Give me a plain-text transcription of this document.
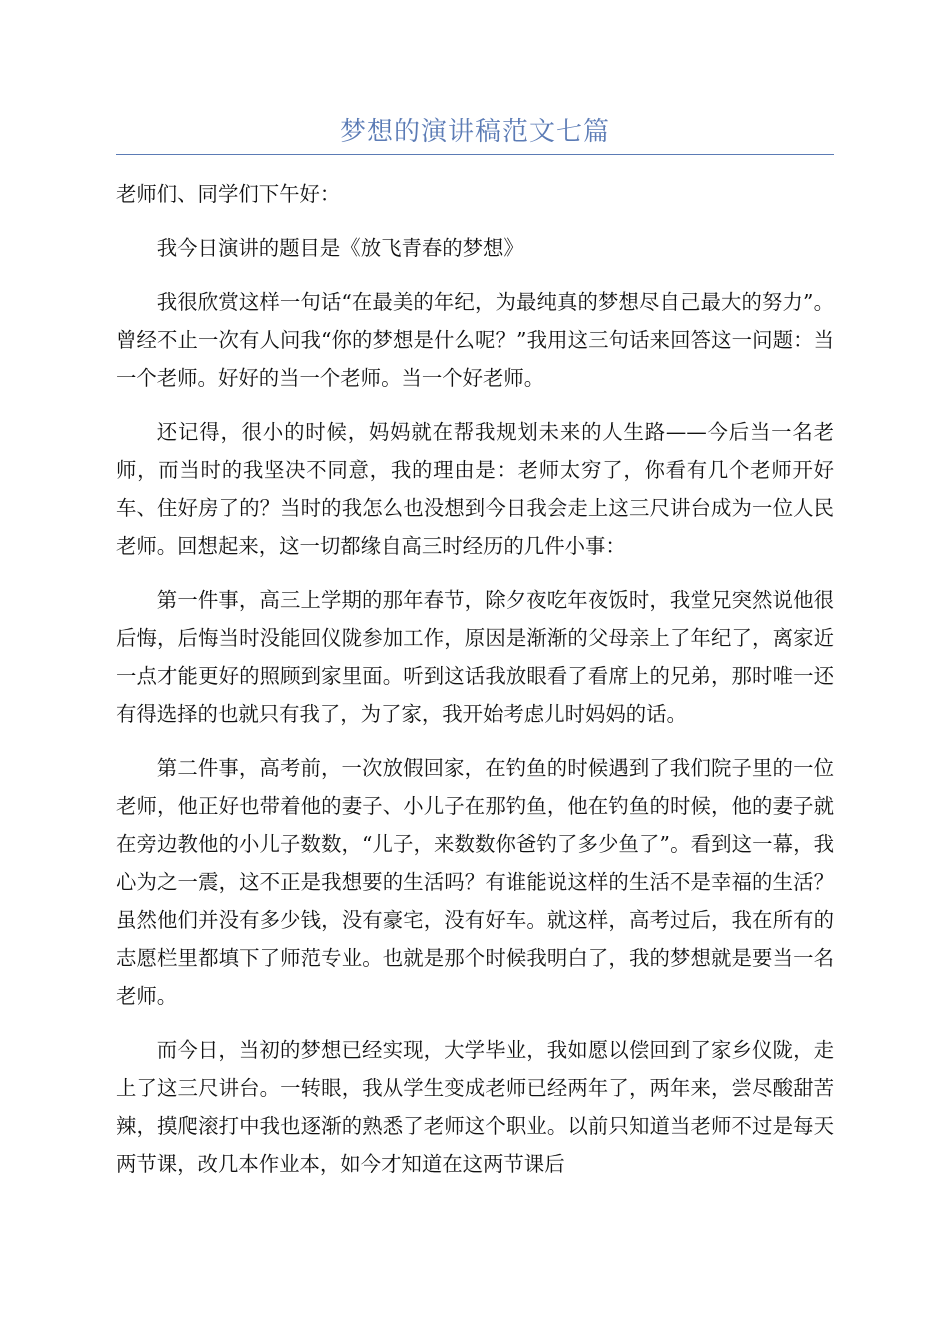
梦想的演讲稿范文七篇

老师们、同学们下午好：

我今日演讲的题目是《放飞青春的梦想》

我很欣赏这样一句话“在最美的年纪，为最纯真的梦想尽自己最大的努力”。曾经不止一次有人问我“你的梦想是什么呢？”我用这三句话来回答这一问题：当一个老师。好好的当一个老师。当一个好老师。

还记得，很小的时候，妈妈就在帮我规划未来的人生路——今后当一名老师，而当时的我坚决不同意，我的理由是：老师太穷了，你看有几个老师开好车、住好房了的？当时的我怎么也没想到今日我会走上这三尺讲台成为一位人民老师。回想起来，这一切都缘自高三时经历的几件小事：

第一件事，高三上学期的那年春节，除夕夜吃年夜饭时，我堂兄突然说他很后悔，后悔当时没能回仪陇参加工作，原因是渐渐的父母亲上了年纪了，离家近一点才能更好的照顾到家里面。听到这话我放眼看了看席上的兄弟，那时唯一还有得选择的也就只有我了，为了家，我开始考虑儿时妈妈的话。

第二件事，高考前，一次放假回家，在钓鱼的时候遇到了我们院子里的一位老师，他正好也带着他的妻子、小儿子在那钓鱼，他在钓鱼的时候，他的妻子就在旁边教他的小儿子数数，“儿子，来数数你爸钓了多少鱼了”。看到这一幕，我心为之一震，这不正是我想要的生活吗？有谁能说这样的生活不是幸福的生活？虽然他们并没有多少钱，没有豪宅，没有好车。就这样，高考过后，我在所有的志愿栏里都填下了师范专业。也就是那个时候我明白了，我的梦想就是要当一名老师。

而今日，当初的梦想已经实现，大学毕业，我如愿以偿回到了家乡仪陇，走上了这三尺讲台。一转眼，我从学生变成老师已经两年了，两年来，尝尽酸甜苦辣，摸爬滚打中我也逐渐的熟悉了老师这个职业。以前只知道当老师不过是每天两节课，改几本作业本，如今才知道在这两节课后
